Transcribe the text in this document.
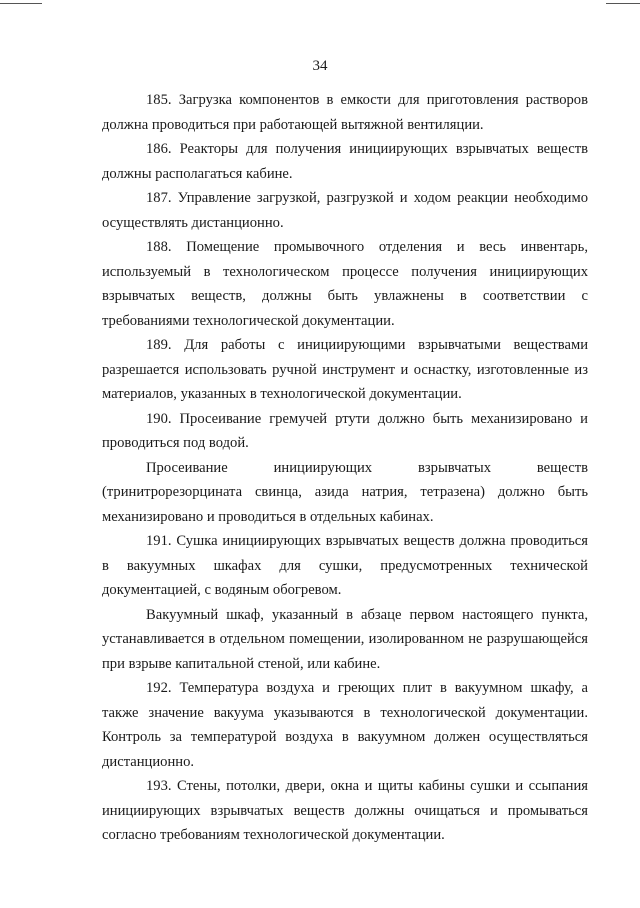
34

185. Загрузка компонентов в емкости для приготовления растворов должна проводиться при работающей вытяжной вентиляции.

186. Реакторы для получения инициирующих взрывчатых веществ должны располагаться кабине.

187. Управление загрузкой, разгрузкой и ходом реакции необходимо осуществлять дистанционно.

188. Помещение промывочного отделения и весь инвентарь, используемый в технологическом процессе получения инициирующих взрывчатых веществ, должны быть увлажнены в соответствии с требованиями технологической документации.

189. Для работы с инициирующими взрывчатыми веществами разрешается использовать ручной инструмент и оснастку, изготовленные из материалов, указанных в технологической документации.

190. Просеивание гремучей ртути должно быть механизировано и проводиться под водой.

Просеивание инициирующих взрывчатых веществ (тринитрорезорцината свинца, азида натрия, тетразена) должно быть механизировано и проводиться в отдельных кабинах.

191. Сушка инициирующих взрывчатых веществ должна проводиться в вакуумных шкафах для сушки, предусмотренных технической документацией, с водяным обогревом.

Вакуумный шкаф, указанный в абзаце первом настоящего пункта, устанавливается в отдельном помещении, изолированном не разрушающейся при взрыве капитальной стеной, или кабине.

192. Температура воздуха и греющих плит в вакуумном шкафу, а также значение вакуума указываются в технологической документации. Контроль за температурой воздуха в вакуумном должен осуществляться дистанционно.

193. Стены, потолки, двери, окна и щиты кабины сушки и ссыпания инициирующих взрывчатых веществ должны очищаться и промываться согласно требованиям технологической документации.
